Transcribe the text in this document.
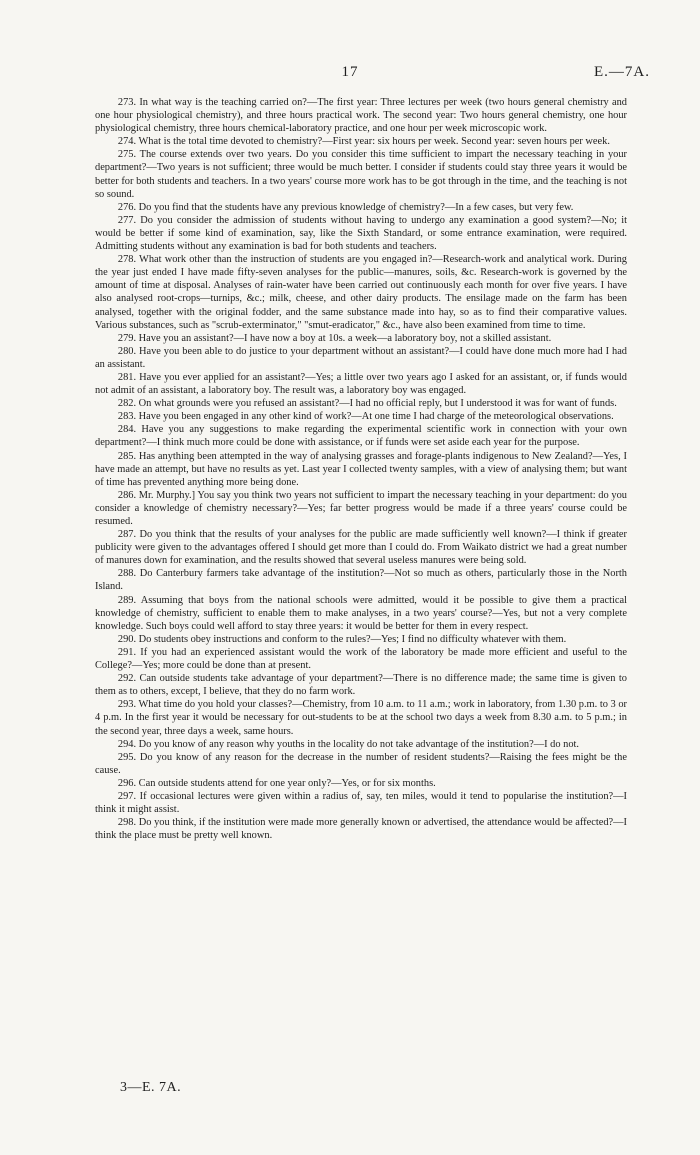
17	E.—7A.

273. In what way is the teaching carried on?—The first year: Three lectures per week (two hours general chemistry and one hour physiological chemistry), and three hours practical work. The second year: Two hours general chemistry, one hour physiological chemistry, three hours chemical-laboratory practice, and one hour per week microscopic work.

274. What is the total time devoted to chemistry?—First year: six hours per week. Second year: seven hours per week.

275. The course extends over two years. Do you consider this time sufficient to impart the necessary teaching in your department?—Two years is not sufficient; three would be much better. I consider if students could stay three years it would be better for both students and teachers. In a two years' course more work has to be got through in the time, and the teaching is not so sound.

276. Do you find that the students have any previous knowledge of chemistry?—In a few cases, but very few.

277. Do you consider the admission of students without having to undergo any examination a good system?—No; it would be better if some kind of examination, say, like the Sixth Standard, or some entrance examination, were required. Admitting students without any examination is bad for both students and teachers.

278. What work other than the instruction of students are you engaged in?—Research-work and analytical work. During the year just ended I have made fifty-seven analyses for the public—manures, soils, &c. Research-work is governed by the amount of time at disposal. Analyses of rain-water have been carried out continuously each month for over five years. I have also analysed root-crops—turnips, &c.; milk, cheese, and other dairy products. The ensilage made on the farm has been analysed, together with the original fodder, and the same substance made into hay, so as to find their comparative values. Various substances, such as "scrub-exterminator," "smut-eradicator," &c., have also been examined from time to time.

279. Have you an assistant?—I have now a boy at 10s. a week—a laboratory boy, not a skilled assistant.

280. Have you been able to do justice to your department without an assistant?—I could have done much more had I had an assistant.

281. Have you ever applied for an assistant?—Yes; a little over two years ago I asked for an assistant, or, if funds would not admit of an assistant, a laboratory boy. The result was, a laboratory boy was engaged.

282. On what grounds were you refused an assistant?—I had no official reply, but I understood it was for want of funds.

283. Have you been engaged in any other kind of work?—At one time I had charge of the meteorological observations.

284. Have you any suggestions to make regarding the experimental scientific work in connection with your own department?—I think much more could be done with assistance, or if funds were set aside each year for the purpose.

285. Has anything been attempted in the way of analysing grasses and forage-plants indigenous to New Zealand?—Yes, I have made an attempt, but have no results as yet. Last year I collected twenty samples, with a view of analysing them; but want of time has prevented anything more being done.

286. Mr. Murphy.] You say you think two years not sufficient to impart the necessary teaching in your department: do you consider a knowledge of chemistry necessary?—Yes; far better progress would be made if a three years' course could be resumed.

287. Do you think that the results of your analyses for the public are made sufficiently well known?—I think if greater publicity were given to the advantages offered I should get more than I could do. From Waikato district we had a great number of manures down for examination, and the results showed that several useless manures were being sold.

288. Do Canterbury farmers take advantage of the institution?—Not so much as others, particularly those in the North Island.

289. Assuming that boys from the national schools were admitted, would it be possible to give them a practical knowledge of chemistry, sufficient to enable them to make analyses, in a two years' course?—Yes, but not a very complete knowledge. Such boys could well afford to stay three years: it would be better for them in every respect.

290. Do students obey instructions and conform to the rules?—Yes; I find no difficulty whatever with them.

291. If you had an experienced assistant would the work of the laboratory be made more efficient and useful to the College?—Yes; more could be done than at present.

292. Can outside students take advantage of your department?—There is no difference made; the same time is given to them as to others, except, I believe, that they do no farm work.

293. What time do you hold your classes?—Chemistry, from 10 a.m. to 11 a.m.; work in laboratory, from 1.30 p.m. to 3 or 4 p.m. In the first year it would be necessary for out-students to be at the school two days a week from 8.30 a.m. to 5 p.m.; in the second year, three days a week, same hours.

294. Do you know of any reason why youths in the locality do not take advantage of the institution?—I do not.

295. Do you know of any reason for the decrease in the number of resident students?—Raising the fees might be the cause.

296. Can outside students attend for one year only?—Yes, or for six months.

297. If occasional lectures were given within a radius of, say, ten miles, would it tend to popularise the institution?—I think it might assist.

298. Do you think, if the institution were made more generally known or advertised, the attendance would be affected?—I think the place must be pretty well known.

3—E. 7A.
